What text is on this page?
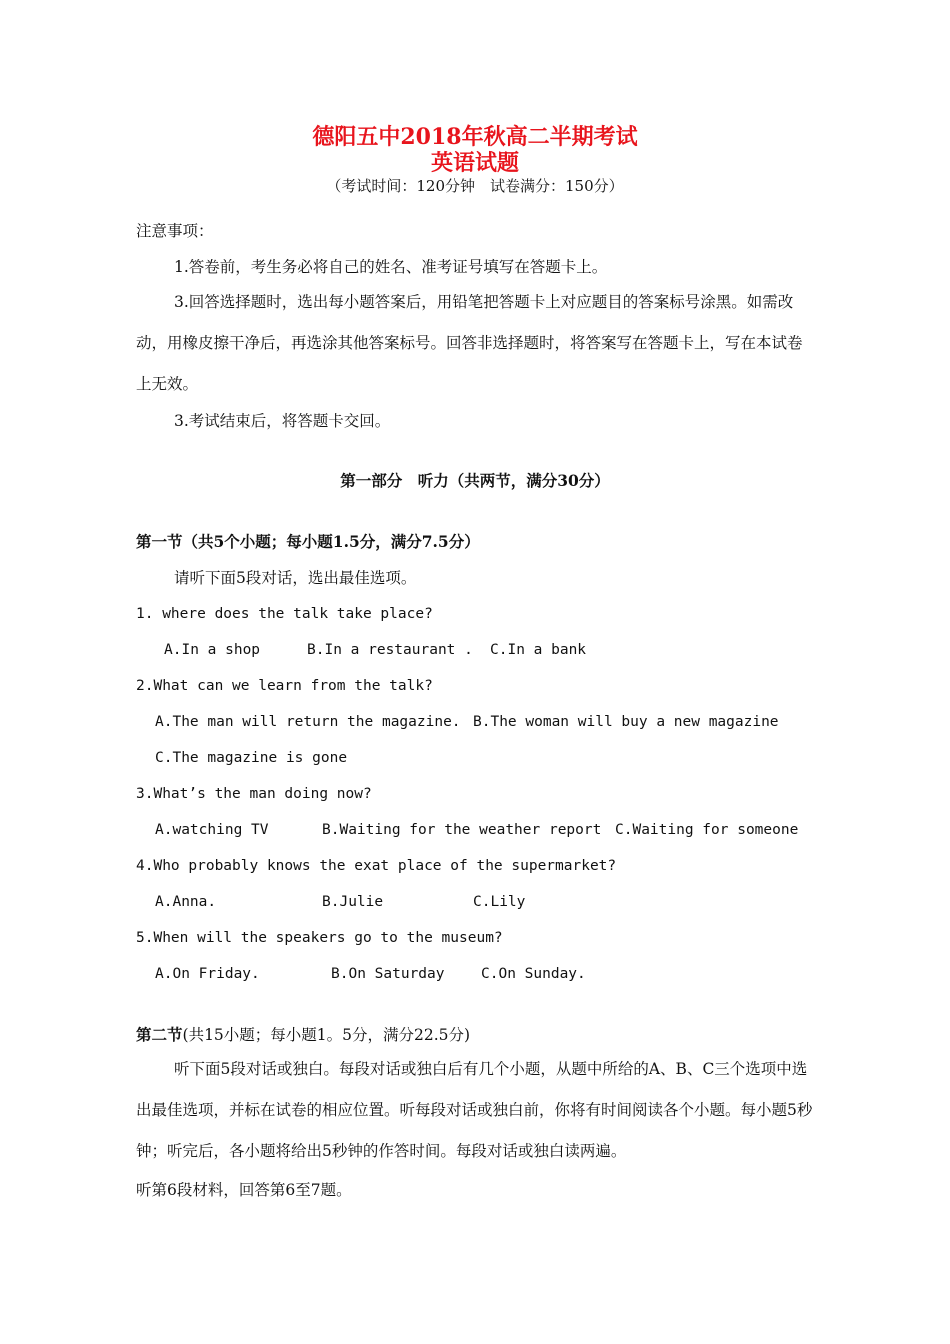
德阳五中2018年秋高二半期考试
英语试题
（考试时间：120分钟　试卷满分：150分）
注意事项：
1.答卷前，考生务必将自己的姓名、准考证号填写在答题卡上。
3.回答选择题时，选出每小题答案后，用铅笔把答题卡上对应题目的答案标号涂黑。如需改动，用橡皮擦干净后，再选涂其他答案标号。回答非选择题时，将答案写在答题卡上，写在本试卷上无效。
3.考试结束后，将答题卡交回。
第一部分　听力（共两节，满分30分）
第一节（共5个小题；每小题1.5分，满分7.5分）
请听下面5段对话，选出最佳选项。
1. where does the talk take place?
A.In a shop	B.In a restaurant . C.In a bank
2.What can we learn from the talk?
A.The man will return the magazine. B.The woman will buy a new magazine
C.The magazine is gone
3.What’s the man doing now?
A.watching TV	B.Waiting for the weather report C.Waiting for someone
4.Who probably knows the exat place of the supermarket?
A.Anna.	B.Julie	C.Lily
5.When will the speakers go to the museum?
A.On Friday.	B.On Saturday	C.On Sunday.
第二节(共15小题；每小题1。5分，满分22.5分)
听下面5段对话或独白。每段对话或独白后有几个小题，从题中所给的A、B、C三个选项中选出最佳选项，并标在试卷的相应位置。听每段对话或独白前，你将有时间阅读各个小题。每小题5秒钟；听完后，各小题将给出5秒钟的作答时间。每段对话或独白读两遍。
听第6段材料，回答第6至7题。
